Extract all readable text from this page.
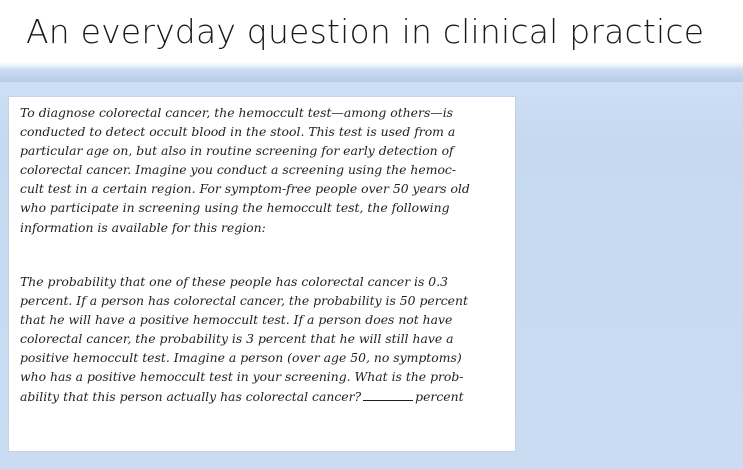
An everyday question in clinical practice
To diagnose colorectal cancer, the hemoccult test—among others—is
conducted to detect occult blood in the stool. This test is used from a
particular age on, but also in routine screening for early detection of
colorectal cancer. Imagine you conduct a screening using the hemoc-
cult test in a certain region. For symptom-free people over 50 years old
who participate in screening using the hemoccult test, the following
information is available for this region:
The probability that one of these people has colorectal cancer is 0.3
percent. If a person has colorectal cancer, the probability is 50 percent
that he will have a positive hemoccult test. If a person does not have
colorectal cancer, the probability is 3 percent that he will still have a
positive hemoccult test. Imagine a person (over age 50, no symptoms)
who has a positive hemoccult test in your screening. What is the prob-
ability that this person actually has colorectal cancer?	percent
